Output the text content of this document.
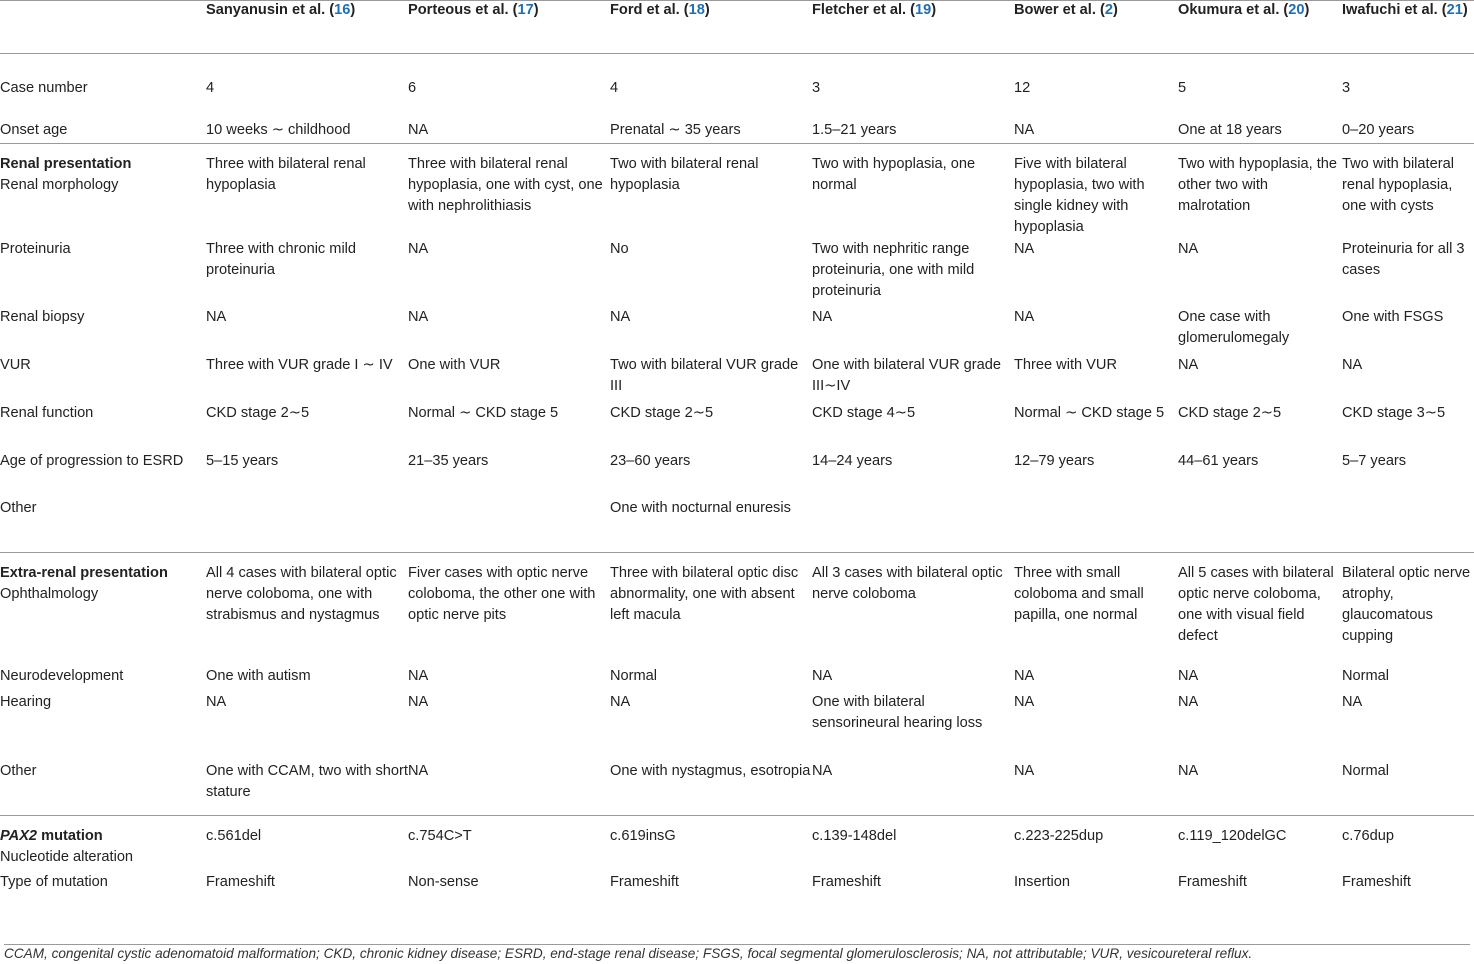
	Sanyanusin et al. (16)	Porteous et al. (17)	Ford et al. (18)	Fletcher et al. (19)	Bower et al. (2)	Okumura et al. (20)	Iwafuchi et al. (21)
Case number	4	6	4	3	12	5	3
Onset age	10 weeks ∼ childhood	NA	Prenatal ∼ 35 years	1.5–21 years	NA	One at 18 years	0–20 years

Renal presentation
Renal morphology	Three with bilateral renal hypoplasia	Three with bilateral renal hypoplasia, one with cyst, one with nephrolithiasis	Two with bilateral renal hypoplasia	Two with hypoplasia, one normal	Five with bilateral hypoplasia, two with single kidney with hypoplasia	Two with hypoplasia, the other two with malrotation	Two with bilateral renal hypoplasia, one with cysts
Proteinuria	Three with chronic mild proteinuria	NA	No	Two with nephritic range proteinuria, one with mild proteinuria	NA	NA	Proteinuria for all 3 cases
Renal biopsy	NA	NA	NA	NA	NA	One case with glomerulomegaly	One with FSGS
VUR	Three with VUR grade I ∼ IV	One with VUR	Two with bilateral VUR grade III	One with bilateral VUR grade III∼IV	Three with VUR	NA	NA
Renal function	CKD stage 2∼5	Normal ∼ CKD stage 5	CKD stage 2∼5	CKD stage 4∼5	Normal ∼ CKD stage 5	CKD stage 2∼5	CKD stage 3∼5
Age of progression to ESRD	5–15 years	21–35 years	23–60 years	14–24 years	12–79 years	44–61 years	5–7 years
Other			One with nocturnal enuresis				

Extra-renal presentation
Ophthalmology	All 4 cases with bilateral optic nerve coloboma, one with strabismus and nystagmus	Fiver cases with optic nerve coloboma, the other one with optic nerve pits	Three with bilateral optic disc abnormality, one with absent left macula	All 3 cases with bilateral optic nerve coloboma	Three with small coloboma and small papilla, one normal	All 5 cases with bilateral optic nerve coloboma, one with visual field defect	Bilateral optic nerve atrophy, glaucomatous cupping
Neurodevelopment	One with autism	NA	Normal	NA	NA	NA	Normal
Hearing	NA	NA	NA	One with bilateral sensorineural hearing loss	NA	NA	NA
Other	One with CCAM, two with short stature	NA	One with nystagmus, esotropia	NA	NA	NA	Normal

PAX2 mutation
Nucleotide alteration	c.561del	c.754C>T	c.619insG	c.139-148del	c.223-225dup	c.119_120delGC	c.76dup
Type of mutation	Frameshift	Non-sense	Frameshift	Frameshift	Insertion	Frameshift	Frameshift
CCAM, congenital cystic adenomatoid malformation; CKD, chronic kidney disease; ESRD, end-stage renal disease; FSGS, focal segmental glomerulosclerosis; NA, not attributable; VUR, vesicoureteral reflux.
